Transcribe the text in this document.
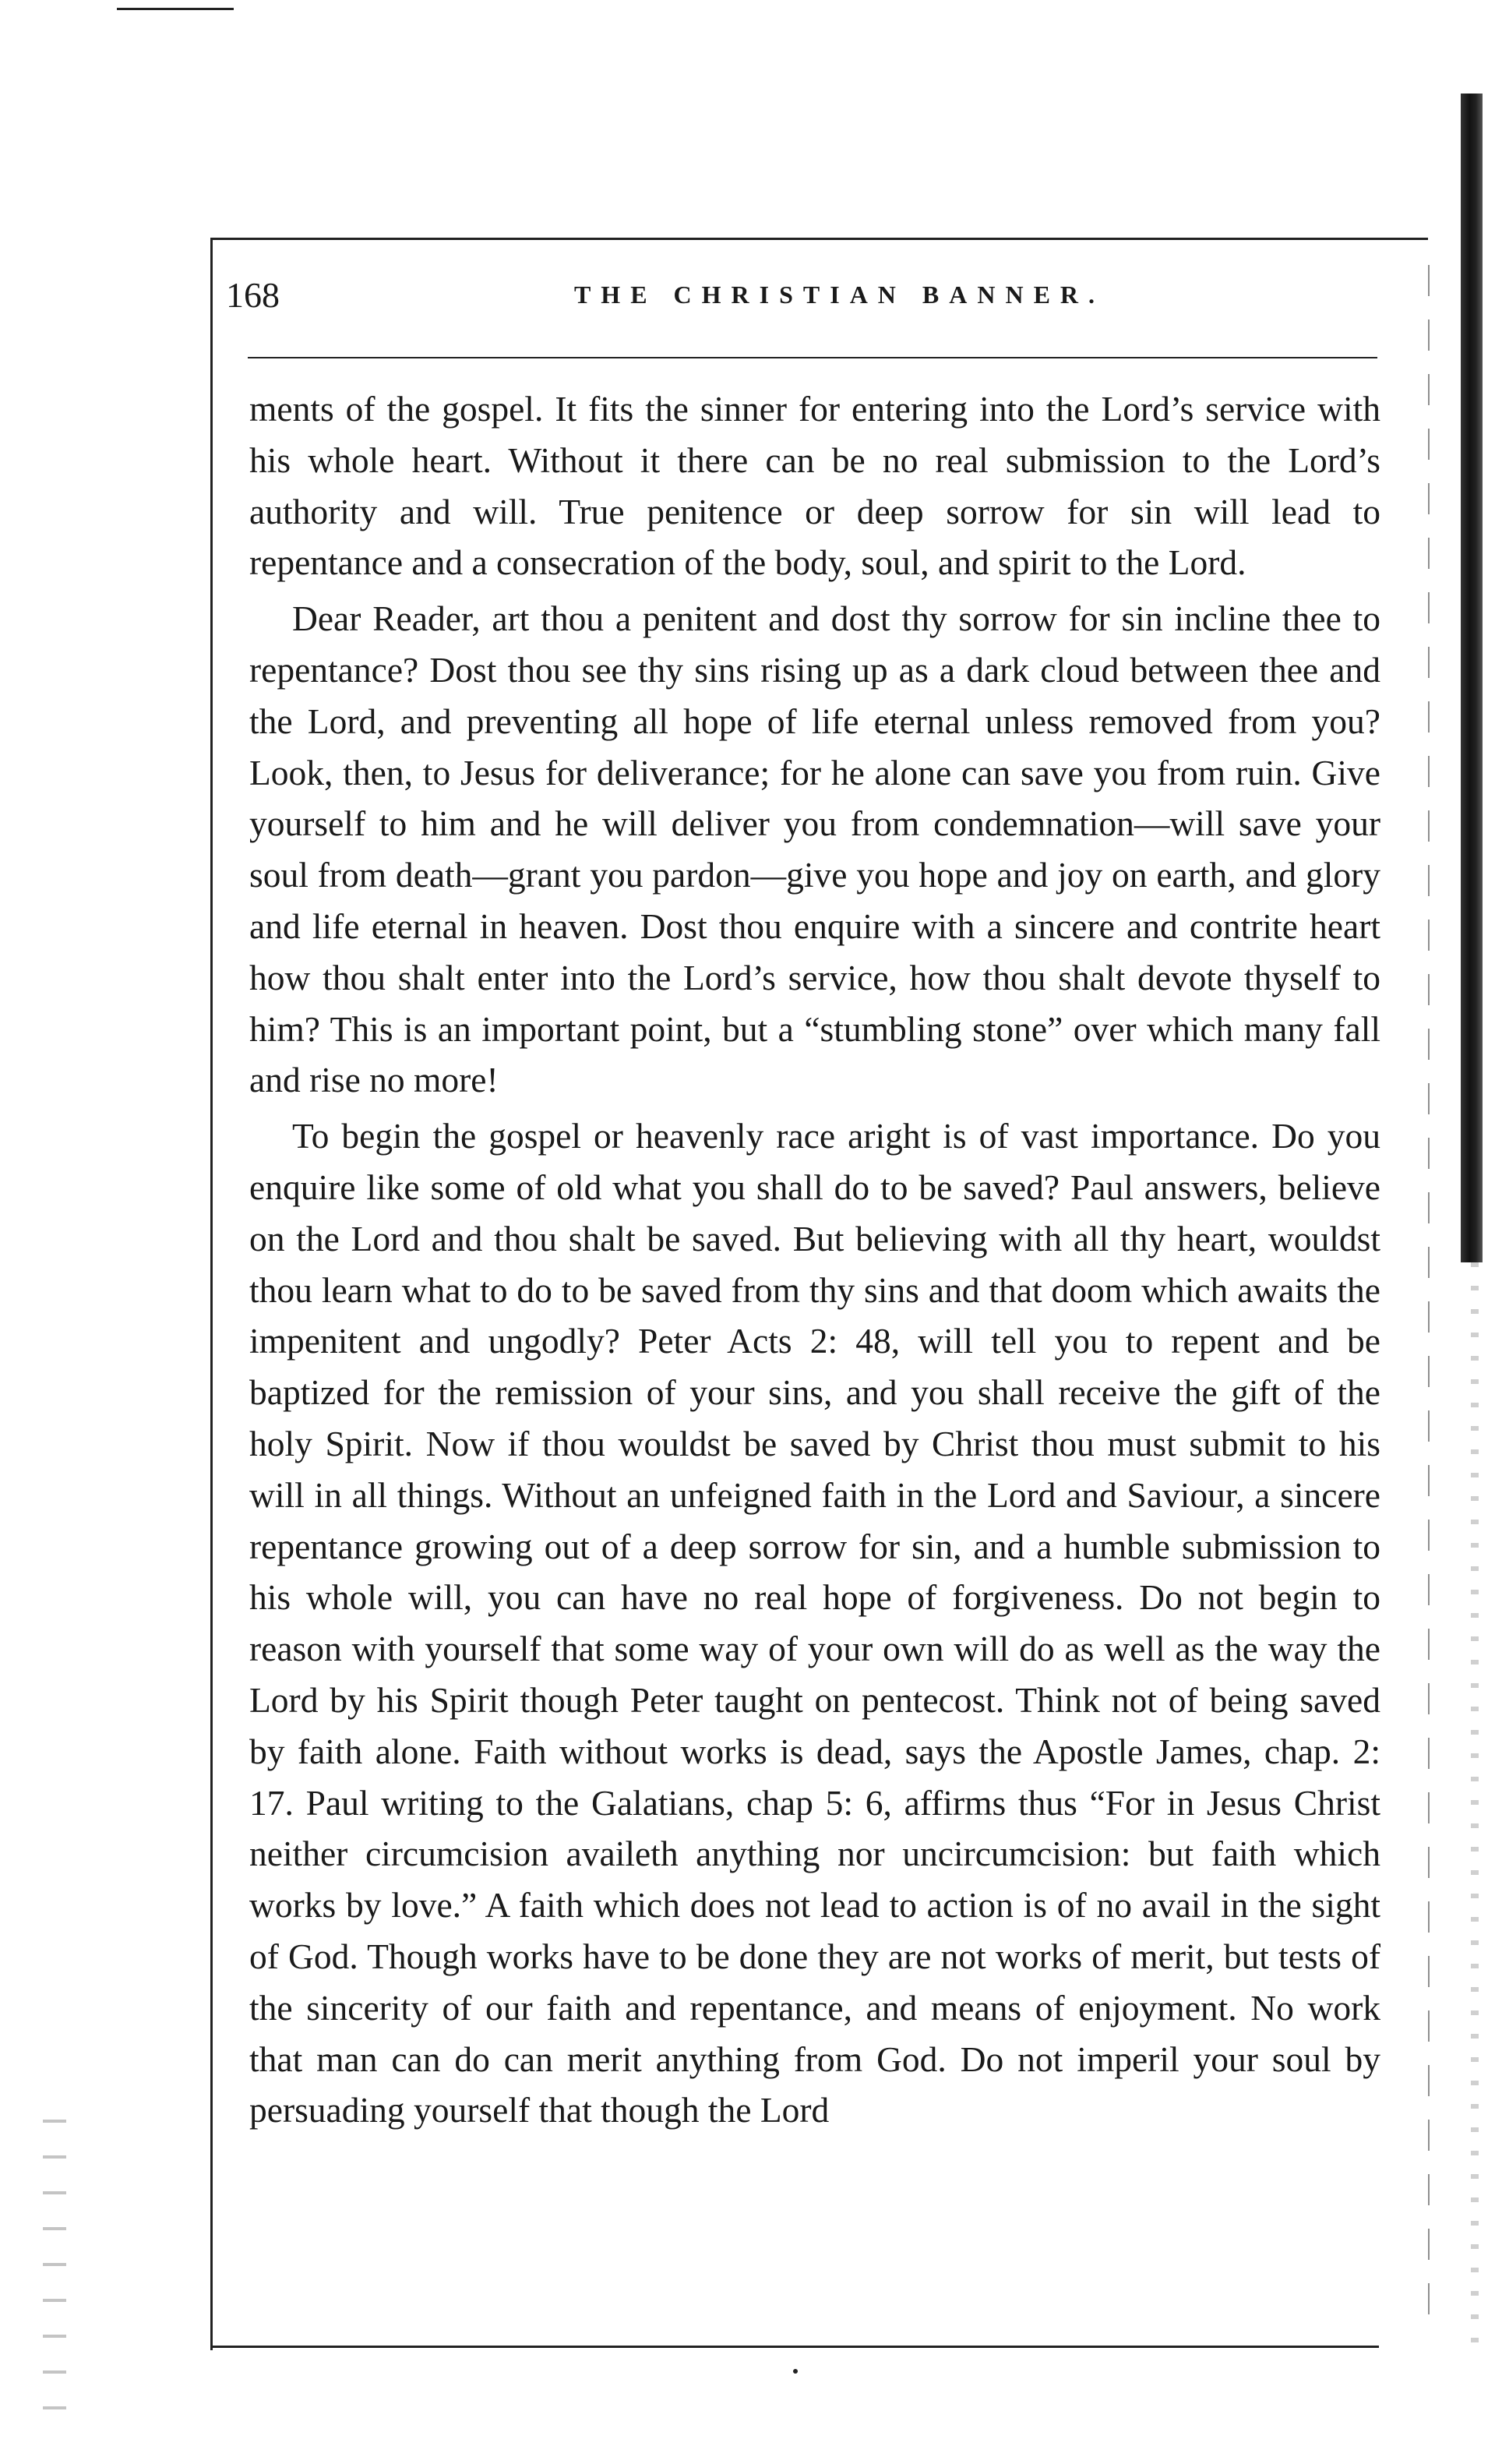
168	THE CHRISTIAN BANNER.

ments of the gospel. It fits the sinner for entering into the Lord’s service with his whole heart. Without it there can be no real submission to the Lord’s authority and will. True penitence or deep sorrow for sin will lead to repentance and a consecration of the body, soul, and spirit to the Lord.

Dear Reader, art thou a penitent and dost thy sorrow for sin incline thee to repentance? Dost thou see thy sins rising up as a dark cloud between thee and the Lord, and preventing all hope of life eternal unless removed from you? Look, then, to Jesus for deliverance; for he alone can save you from ruin. Give yourself to him and he will deliver you from condemnation—will save your soul from death—grant you pardon—give you hope and joy on earth, and glory and life eternal in heaven. Dost thou enquire with a sincere and contrite heart how thou shalt enter into the Lord’s service, how thou shalt devote thyself to him? This is an important point, but a “stumbling stone” over which many fall and rise no more!

To begin the gospel or heavenly race aright is of vast importance. Do you enquire like some of old what you shall do to be saved? Paul answers, believe on the Lord and thou shalt be saved. But believing with all thy heart, wouldst thou learn what to do to be saved from thy sins and that doom which awaits the impenitent and ungodly? Peter Acts 2: 48, will tell you to repent and be baptized for the remission of your sins, and you shall receive the gift of the holy Spirit. Now if thou wouldst be saved by Christ thou must submit to his will in all things. Without an unfeigned faith in the Lord and Saviour, a sincere repentance growing out of a deep sorrow for sin, and a humble submission to his whole will, you can have no real hope of forgiveness. Do not begin to reason with yourself that some way of your own will do as well as the way the Lord by his Spirit though Peter taught on pentecost. Think not of being saved by faith alone. Faith without works is dead, says the Apostle James, chap. 2: 17. Paul writing to the Galatians, chap 5: 6, affirms thus “For in Jesus Christ neither circumcision availeth anything nor uncircumcision: but faith which works by love.” A faith which does not lead to action is of no avail in the sight of God. Though works have to be done they are not works of merit, but tests of the sincerity of our faith and repentance, and means of enjoyment. No work that man can do can merit anything from God. Do not imperil your soul by persuading yourself that though the Lord
